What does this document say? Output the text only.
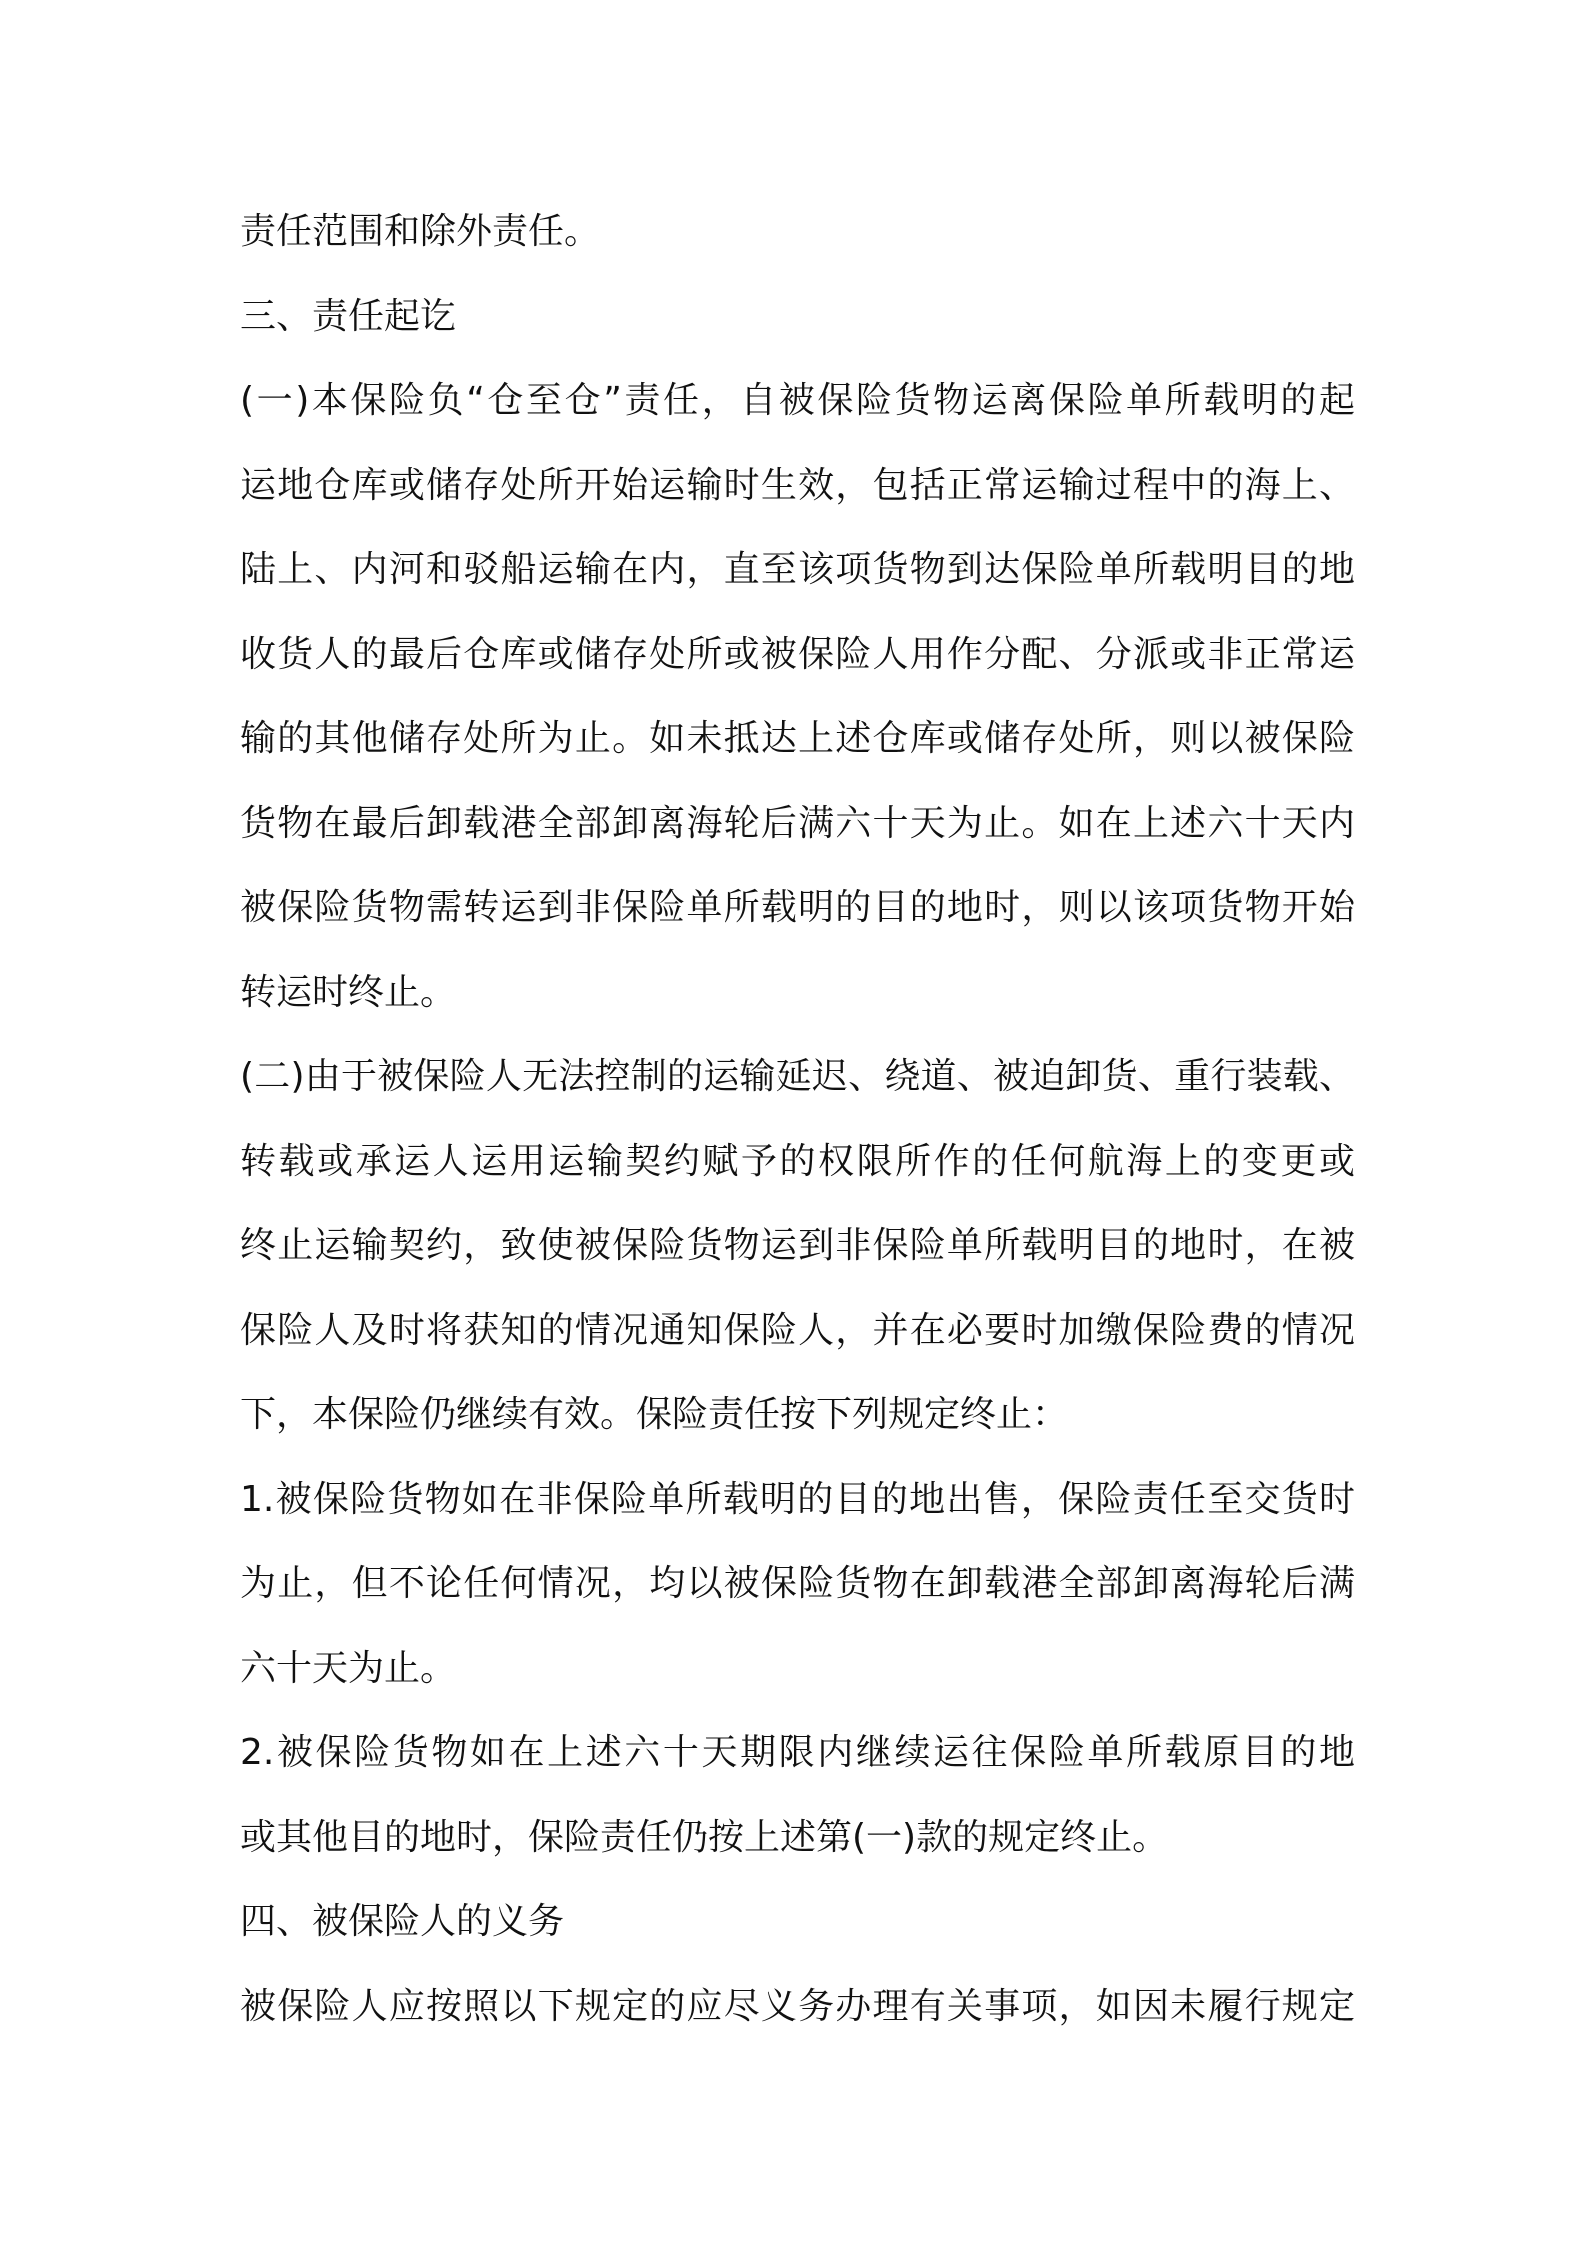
责任范围和除外责任。
三、责任起讫
(一)本保险负“仓至仓”责任，自被保险货物运离保险单所载明的起
运地仓库或储存处所开始运输时生效，包括正常运输过程中的海上、
陆上、内河和驳船运输在内，直至该项货物到达保险单所载明目的地
收货人的最后仓库或储存处所或被保险人用作分配、分派或非正常运
输的其他储存处所为止。如未抵达上述仓库或储存处所，则以被保险
货物在最后卸载港全部卸离海轮后满六十天为止。如在上述六十天内
被保险货物需转运到非保险单所载明的目的地时，则以该项货物开始
转运时终止。
(二)由于被保险人无法控制的运输延迟、绕道、被迫卸货、重行装载、
转载或承运人运用运输契约赋予的权限所作的任何航海上的变更或
终止运输契约，致使被保险货物运到非保险单所载明目的地时，在被
保险人及时将获知的情况通知保险人，并在必要时加缴保险费的情况
下，本保险仍继续有效。保险责任按下列规定终止：
1.被保险货物如在非保险单所载明的目的地出售，保险责任至交货时
为止，但不论任何情况，均以被保险货物在卸载港全部卸离海轮后满
六十天为止。
2.被保险货物如在上述六十天期限内继续运往保险单所载原目的地
或其他目的地时，保险责任仍按上述第(一)款的规定终止。
四、被保险人的义务
被保险人应按照以下规定的应尽义务办理有关事项，如因未履行规定
